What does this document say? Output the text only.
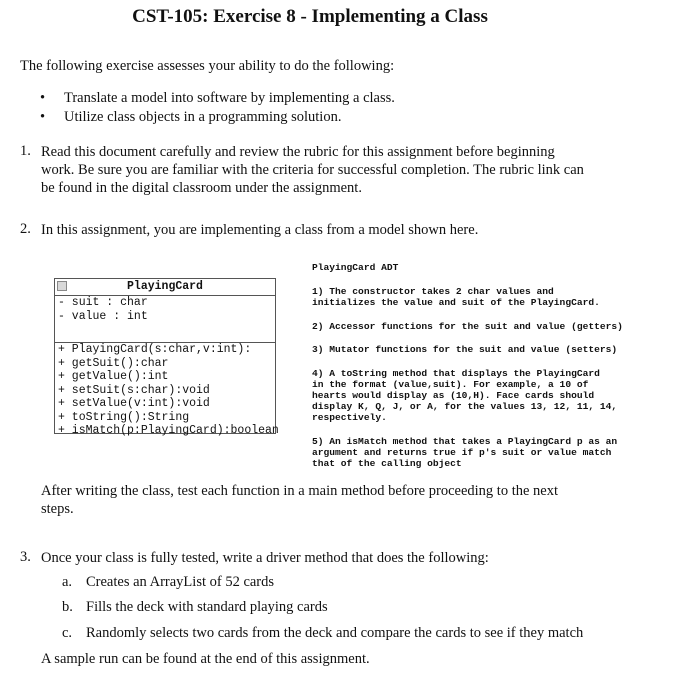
CST-105: Exercise 8 - Implementing a Class
The following exercise assesses your ability to do the following:
• Translate a model into software by implementing a class.
• Utilize class objects in a programming solution.
1. Read this document carefully and review the rubric for this assignment before beginning
work. Be sure you are familiar with the criteria for successful completion. The rubric link can
be found in the digital classroom under the assignment.
2. In this assignment, you are implementing a class from a model shown here.
PlayingCard
- suit : char
- value : int
+ PlayingCard(s:char,v:int):
+ getSuit():char
+ getValue():int
+ setSuit(s:char):void
+ setValue(v:int):void
+ toString():String
+ isMatch(p:PlayingCard):boolean
PlayingCard ADT
1) The constructor takes 2 char values and
initializes the value and suit of the PlayingCard.
2) Accessor functions for the suit and value (getters)
3) Mutator functions for the suit and value (setters)
4) A toString method that displays the PlayingCard
in the format (value,suit). For example, a 10 of
hearts would display as (10,H). Face cards should
display K, Q, J, or A, for the values 13, 12, 11, 14,
respectively.
5) An isMatch method that takes a PlayingCard p as an
argument and returns true if p's suit or value match
that of the calling object
After writing the class, test each function in a main method before proceeding to the next
steps.
3. Once your class is fully tested, write a driver method that does the following:
a. Creates an ArrayList of 52 cards
b. Fills the deck with standard playing cards
c. Randomly selects two cards from the deck and compare the cards to see if they match
A sample run can be found at the end of this assignment.
